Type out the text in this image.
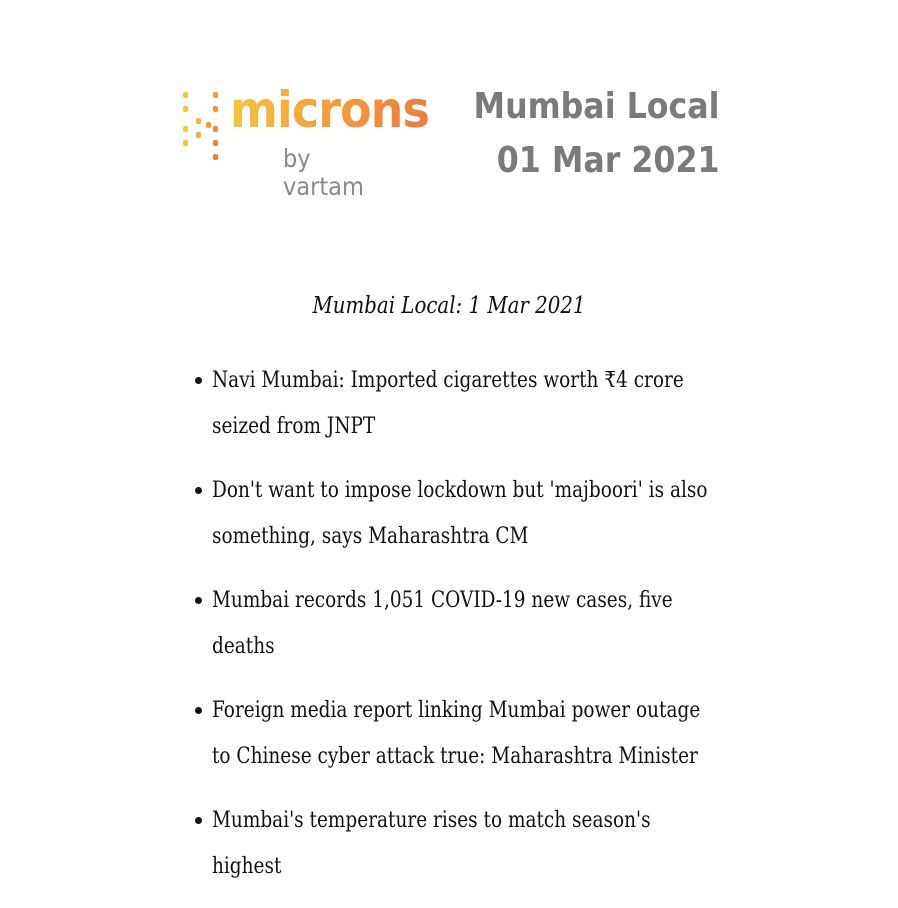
microns
by vartam
Mumbai Local
01 Mar 2021
Mumbai Local: 1 Mar 2021
Navi Mumbai: Imported cigarettes worth ₹4 crore seized from JNPT
Don't want to impose lockdown but 'majboori' is also something, says Maharashtra CM
Mumbai records 1,051 COVID-19 new cases, five deaths
Foreign media report linking Mumbai power outage to Chinese cyber attack true: Maharashtra Minister
Mumbai's temperature rises to match season's highest
